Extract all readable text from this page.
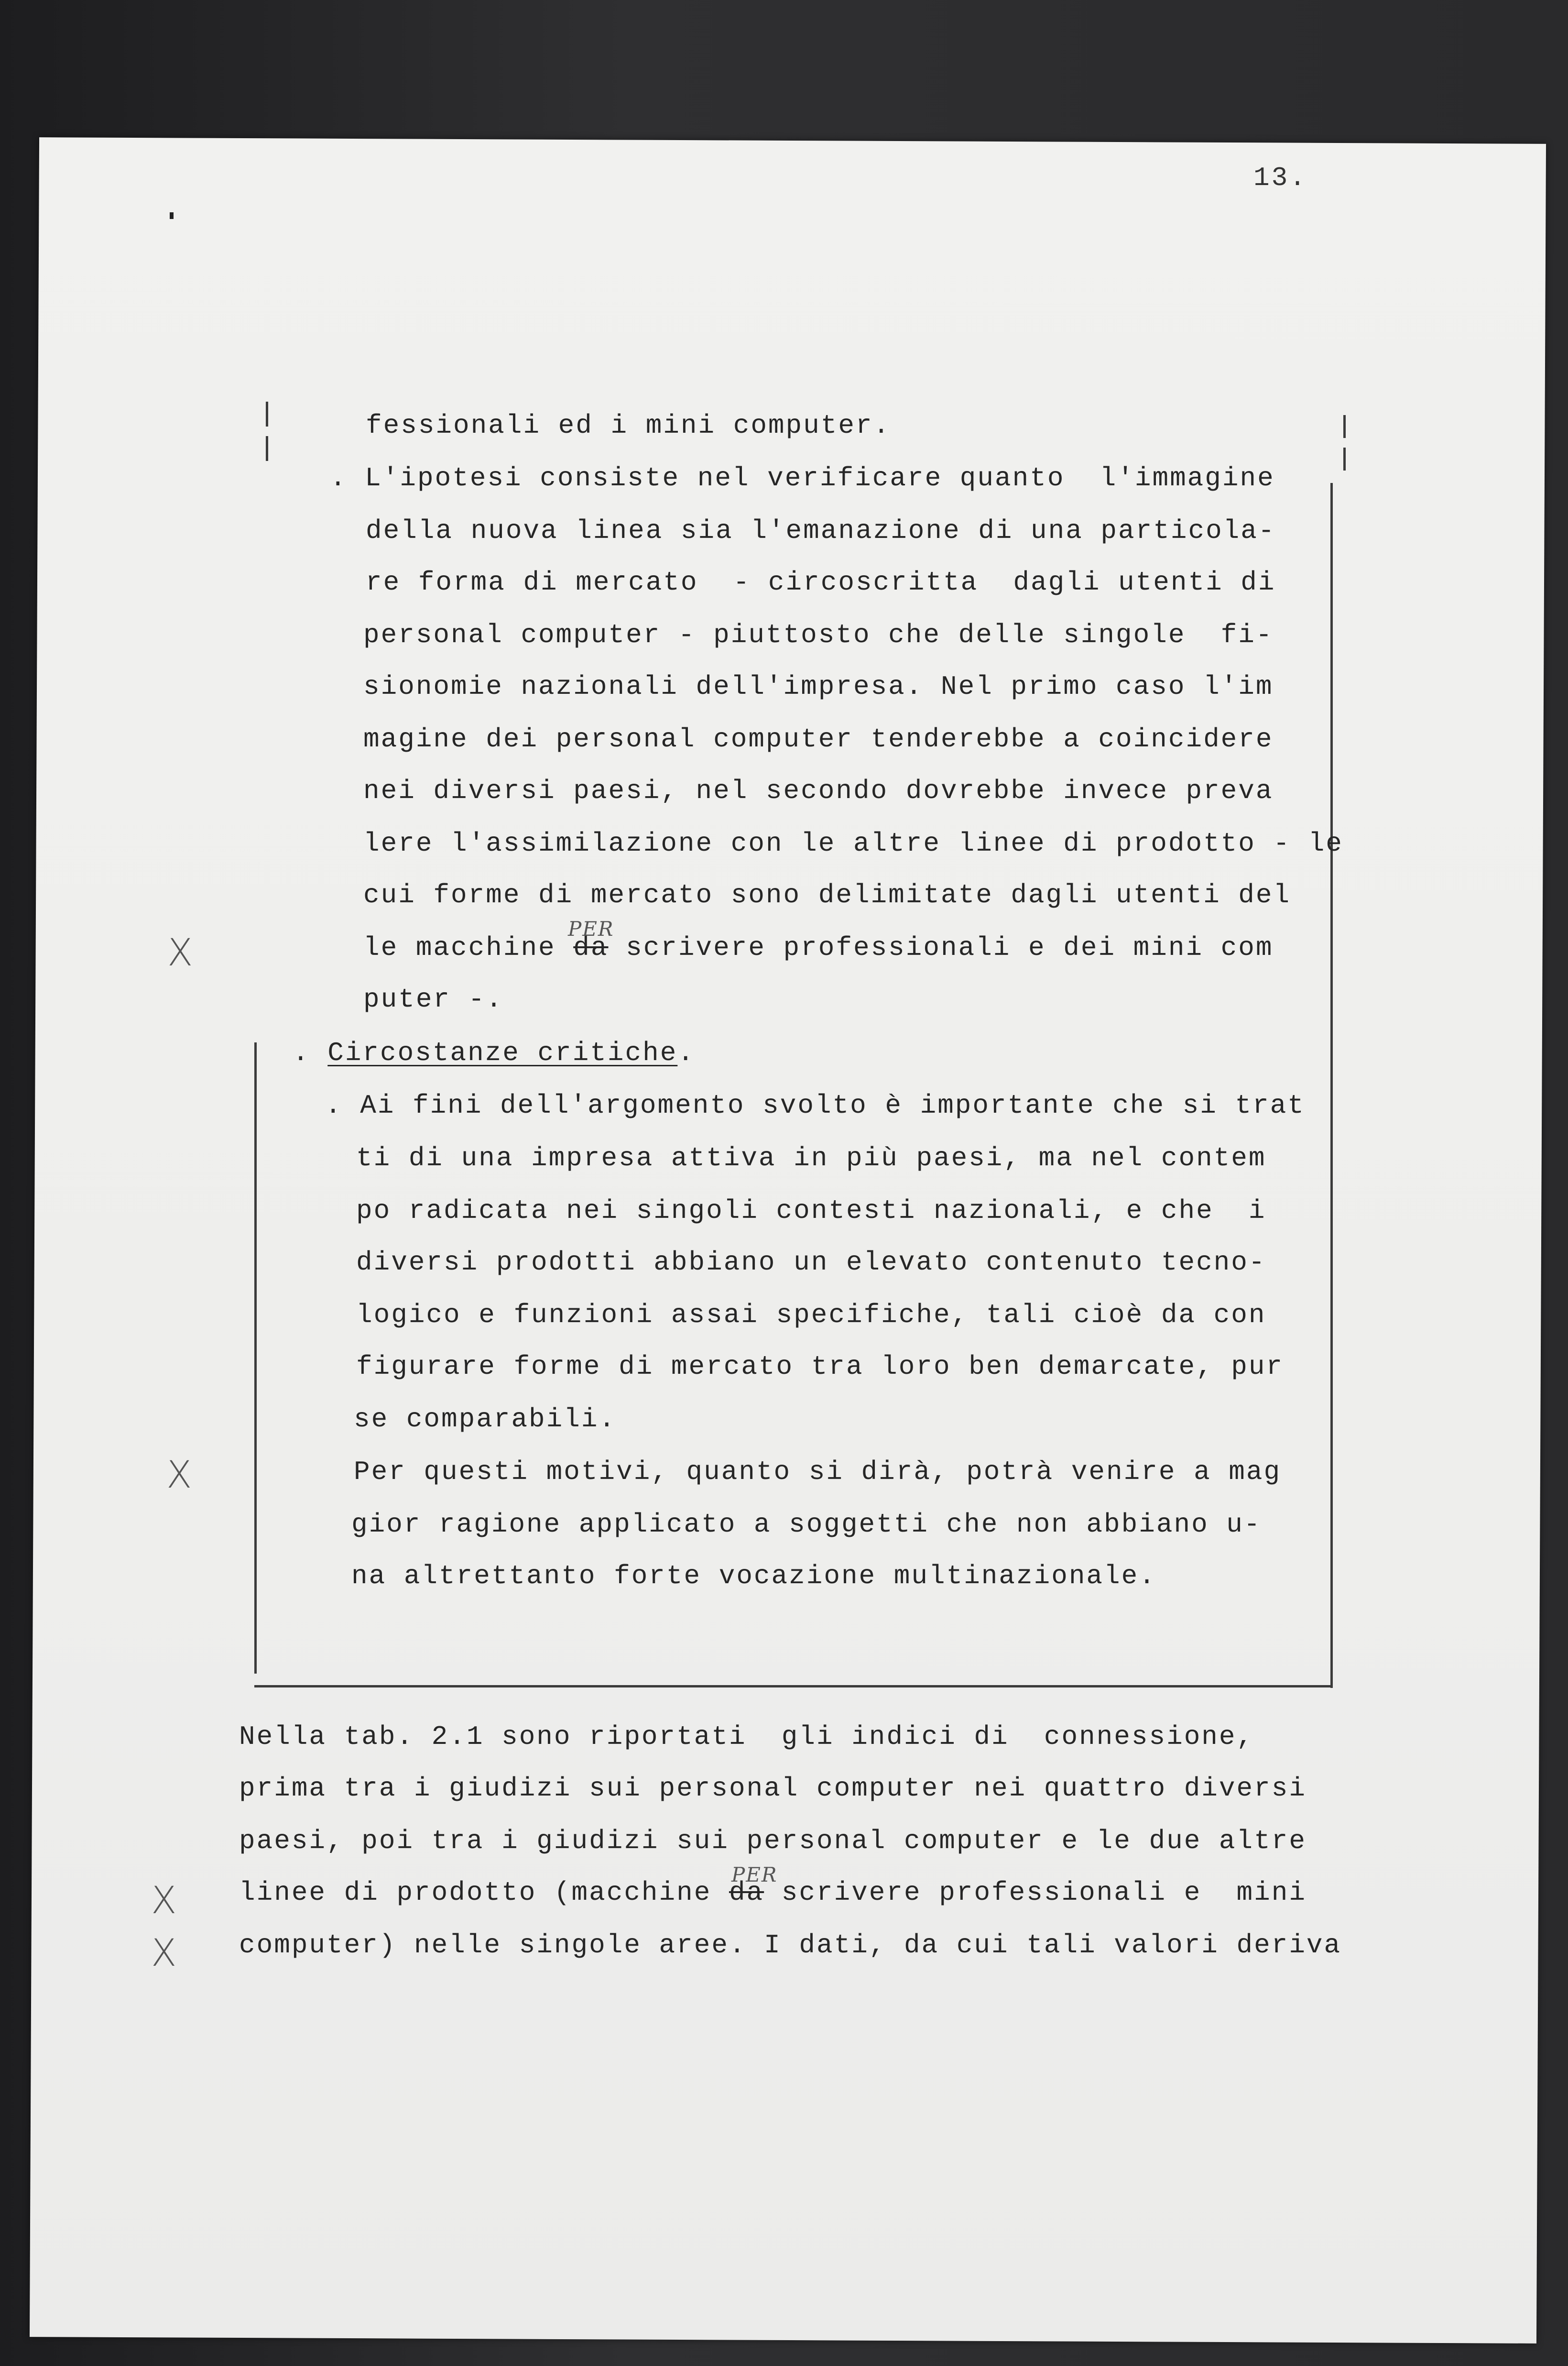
13.
fessionali ed i mini computer.
. L'ipotesi consiste nel verificare quanto  l'immagine
della nuova linea sia l'emanazione di una particola-
re forma di mercato  - circoscritta  dagli utenti di
personal computer - piuttosto che delle singole  fi-
sionomie nazionali dell'impresa. Nel primo caso l'im
magine dei personal computer tenderebbe a coincidere
nei diversi paesi, nel secondo dovrebbe invece preva
lere l'assimilazione con le altre linee di prodotto - le
cui forme di mercato sono delimitate dagli utenti del
le macchine da scrivere professionali e dei mini com
PER
puter -.
. Circostanze critiche.
. Ai fini dell'argomento svolto è importante che si trat
ti di una impresa attiva in più paesi, ma nel contem
po radicata nei singoli contesti nazionali, e che  i
diversi prodotti abbiano un elevato contenuto tecno-
logico e funzioni assai specifiche, tali cioè da con
figurare forme di mercato tra loro ben demarcate, pur
se comparabili.
Per questi motivi, quanto si dirà, potrà venire a mag
gior ragione applicato a soggetti che non abbiano u-
na altrettanto forte vocazione multinazionale.
Nella tab. 2.1 sono riportati  gli indici di  connessione,
prima tra i giudizi sui personal computer nei quattro diversi
paesi, poi tra i giudizi sui personal computer e le due altre
linee di prodotto (macchine da scrivere professionali e  mini
PER
computer) nelle singole aree. I dati, da cui tali valori deriva
X
X
X
X
